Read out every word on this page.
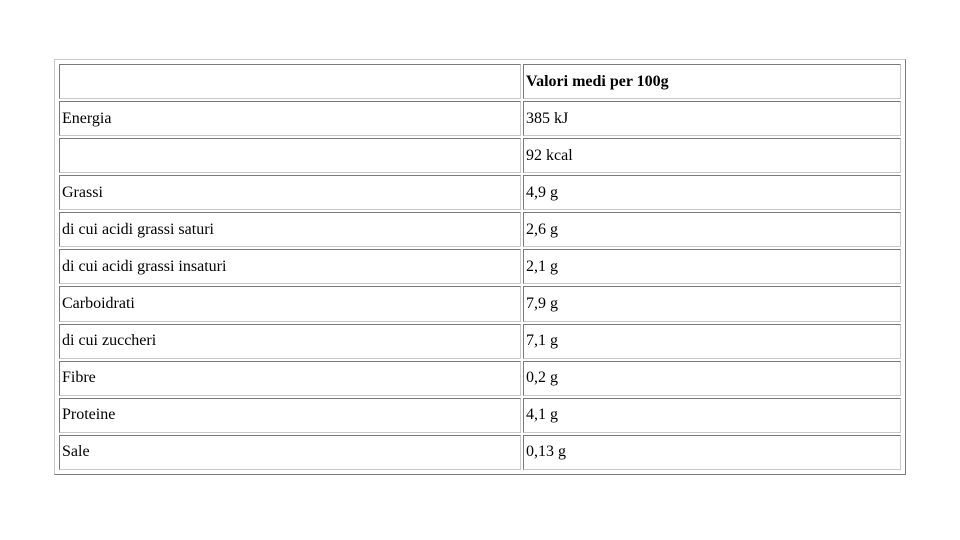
	Valori medi per 100g
Energia	385 kJ
	92 kcal
Grassi	4,9 g
di cui acidi grassi saturi	2,6 g
di cui acidi grassi insaturi	2,1 g
Carboidrati	7,9 g
di cui zuccheri	7,1 g
Fibre	0,2 g
Proteine	4,1 g
Sale	0,13 g
